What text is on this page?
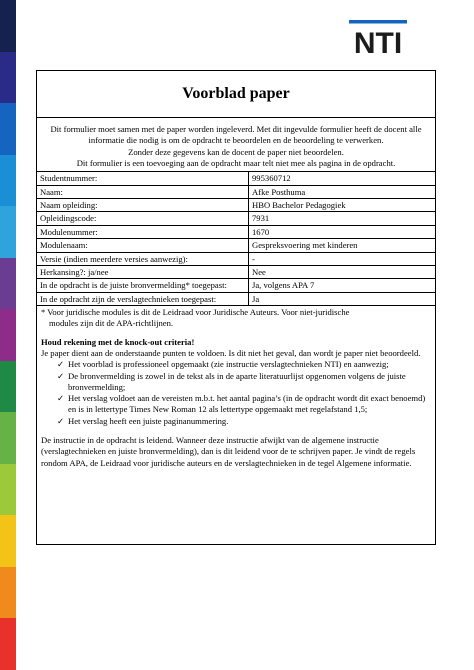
NTI
Voorblad paper
Dit formulier moet samen met de paper worden ingeleverd. Met dit ingevulde formulier heeft de docent alle informatie die nodig is om de opdracht te beoordelen en de beoordeling te verwerken.
Zonder deze gegevens kan de docent de paper niet beoordelen.
Dit formulier is een toevoeging aan de opdracht maar telt niet mee als pagina in de opdracht.
Studentnummer:	995360712
Naam:	Afke Posthuma
Naam opleiding:	HBO Bachelor Pedagogiek
Opleidingscode:	7931
Modulenummer:	1670
Modulenaam:	Gespreksvoering met kinderen
Versie (indien meerdere versies aanwezig):	-
Herkansing?: ja/nee	Nee
In de opdracht is de juiste bronvermelding* toegepast:	Ja, volgens APA 7
In de opdracht zijn de verslagtechnieken toegepast:	Ja
* Voor juridische modules is dit de Leidraad voor Juridische Auteurs. Voor niet-juridische
modules zijn dit de APA-richtlijnen.

Houd rekening met de knock-out criteria!

Je paper dient aan de onderstaande punten te voldoen. Is dit niet het geval, dan wordt je paper niet beoordeeld.

✓ Het voorblad is professioneel opgemaakt (zie instructie verslagtechnieken NTI) en aanwezig;
✓ De bronvermelding is zowel in de tekst als in de aparte literatuurlijst opgenomen volgens de juiste bronvermelding;
✓ Het verslag voldoet aan de vereisten m.b.t. het aantal pagina’s (in de opdracht wordt dit exact benoemd) en is in lettertype Times New Roman 12 als lettertype opgemaakt met regelafstand 1,5;
✓ Het verslag heeft een juiste paginanummering.

De instructie in de opdracht is leidend. Wanneer deze instructie afwijkt van de algemene instructie (verslagtechnieken en juiste bronvermelding), dan is dit leidend voor de te schrijven paper. Je vindt de regels rondom APA, de Leidraad voor juridische auteurs en de verslagtechnieken in de tegel Algemene informatie.
